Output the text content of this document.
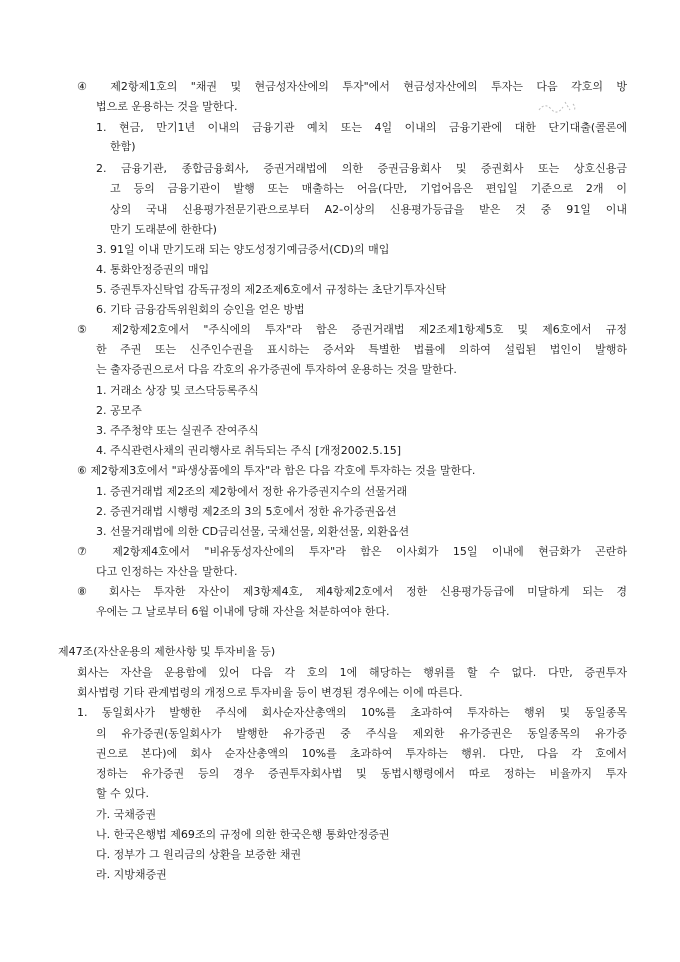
④ 제2항제1호의 "채권 및 현금성자산에의 투자"에서 현금성자산에의 투자는 다음 각호의 방
법으로 운용하는 것을 말한다.
1. 현금, 만기1년 이내의 금융기관 예치 또는 4일 이내의 금융기관에 대한 단기대출(콜론에
한함)
2. 금융기관, 종합금융회사, 증권거래법에 의한 증권금융회사 및 증권회사 또는 상호신용금
고 등의 금융기관이 발행 또는 매출하는 어음(다만, 기업어음은 편입일 기준으로 2개 이
상의 국내 신용평가전문기관으로부터 A2-이상의 신용평가등급을 받은 것 중 91일 이내
만기 도래분에 한한다)
3. 91일 이내 만기도래 되는 양도성정기예금증서(CD)의 매입
4. 통화안정증권의 매입
5. 증권투자신탁업 감독규정의 제2조제6호에서 규정하는 초단기투자신탁
6. 기타 금융감독위원회의 승인을 얻은 방법
⑤ 제2항제2호에서 "주식에의 투자"라 함은 증권거래법 제2조제1항제5호 및 제6호에서 규정
한 주권 또는 신주인수권을 표시하는 증서와 특별한 법률에 의하여 설립된 법인이 발행하
는 출자증권으로서 다음 각호의 유가증권에 투자하여 운용하는 것을 말한다.
1. 거래소 상장 및 코스닥등록주식
2. 공모주
3. 주주청약 또는 실권주 잔여주식
4. 주식관련사채의 권리행사로 취득되는 주식 [개정2002.5.15]
⑥ 제2항제3호에서 "파생상품에의 투자"라 함은 다음 각호에 투자하는 것을 말한다.
1. 증권거래법 제2조의 제2항에서 정한 유가증권지수의 선물거래
2. 증권거래법 시행령 제2조의 3의 5호에서 정한 유가증권옵션
3. 선물거래법에 의한 CD금리선물, 국채선물, 외환선물, 외환옵션
⑦ 제2항제4호에서 "비유동성자산에의 투자"라 함은 이사회가 15일 이내에 현금화가 곤란하
다고 인정하는 자산을 말한다.
⑧ 회사는 투자한 자산이 제3항제4호, 제4항제2호에서 정한 신용평가등급에 미달하게 되는 경
우에는 그 날로부터 6월 이내에 당해 자산을 처분하여야 한다.
제47조(자산운용의 제한사항 및 투자비율 등)
회사는 자산을 운용함에 있어 다음 각 호의 1에 해당하는 행위를 할 수 없다. 다만, 증권투자
회사법령 기타 관계법령의 개정으로 투자비율 등이 변경된 경우에는 이에 따른다.
1. 동일회사가 발행한 주식에 회사순자산총액의 10%를 초과하여 투자하는 행위 및 동일종목
의 유가증권(동일회사가 발행한 유가증권 중 주식을 제외한 유가증권은 동일종목의 유가증
권으로 본다)에 회사 순자산총액의 10%를 초과하여 투자하는 행위. 다만, 다음 각 호에서
정하는 유가증권 등의 경우 증권투자회사법 및 동법시행령에서 따로 정하는 비율까지 투자
할 수 있다.
가. 국채증권
나. 한국은행법 제69조의 규정에 의한 한국은행 통화안정증권
다. 정부가 그 원리금의 상환을 보증한 채권
라. 지방채증권
